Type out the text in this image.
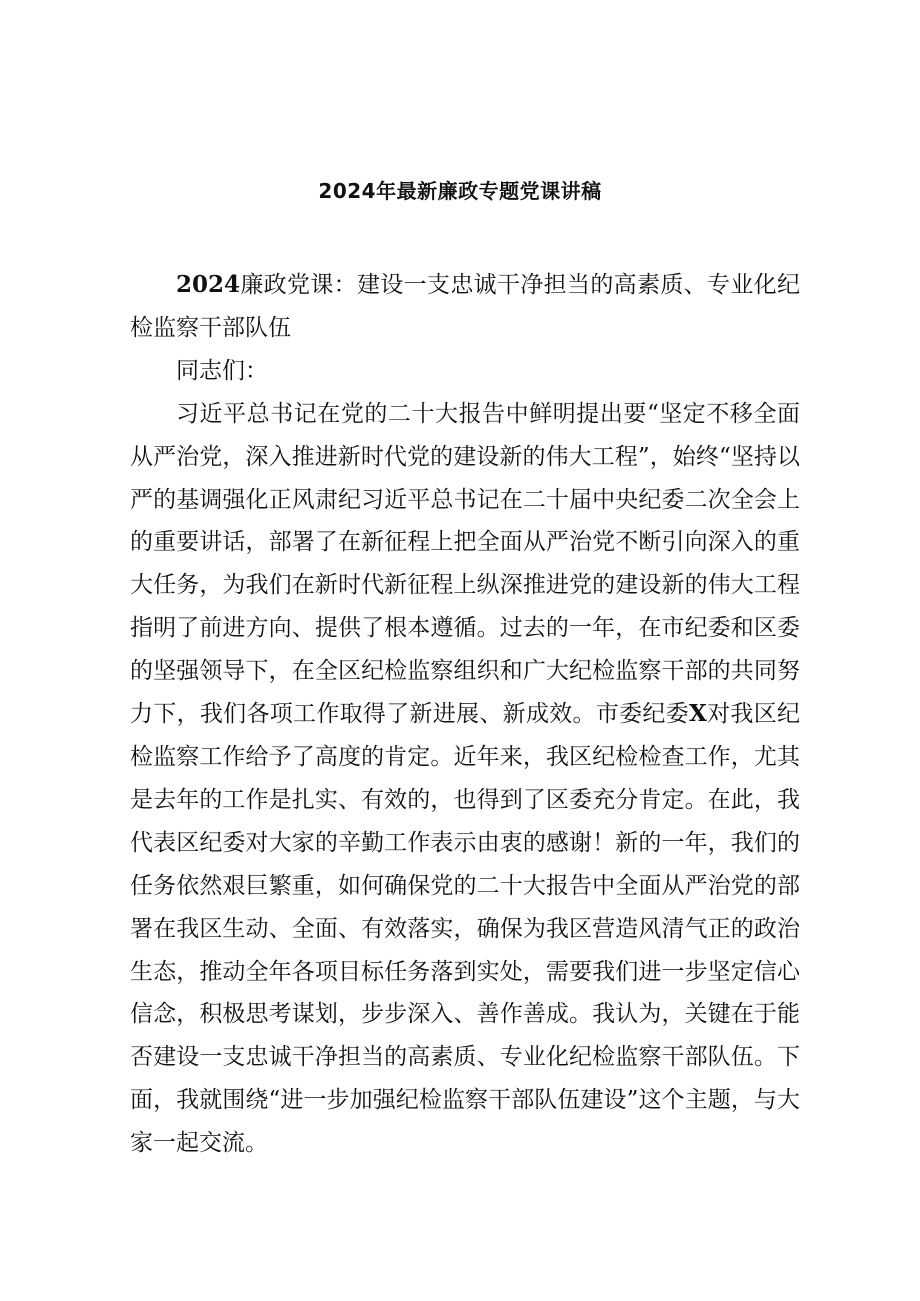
2024年最新廉政专题党课讲稿

2024廉政党课：建设一支忠诚干净担当的高素质、专业化纪检监察干部队伍

同志们：

习近平总书记在党的二十大报告中鲜明提出要“坚定不移全面从严治党，深入推进新时代党的建设新的伟大工程”，始终“坚持以严的基调强化正风肃纪习近平总书记在二十届中央纪委二次全会上的重要讲话，部署了在新征程上把全面从严治党不断引向深入的重大任务，为我们在新时代新征程上纵深推进党的建设新的伟大工程指明了前进方向、提供了根本遵循。过去的一年，在市纪委和区委的坚强领导下，在全区纪检监察组织和广大纪检监察干部的共同努力下，我们各项工作取得了新进展、新成效。市委纪委X对我区纪检监察工作给予了高度的肯定。近年来，我区纪检检查工作，尤其是去年的工作是扎实、有效的，也得到了区委充分肯定。在此，我代表区纪委对大家的辛勤工作表示由衷的感谢！新的一年，我们的任务依然艰巨繁重，如何确保党的二十大报告中全面从严治党的部署在我区生动、全面、有效落实，确保为我区营造风清气正的政治生态，推动全年各项目标任务落到实处，需要我们进一步坚定信心信念，积极思考谋划，步步深入、善作善成。我认为，关键在于能否建设一支忠诚干净担当的高素质、专业化纪检监察干部队伍。下面，我就围绕“进一步加强纪检监察干部队伍建设”这个主题，与大家一起交流。
